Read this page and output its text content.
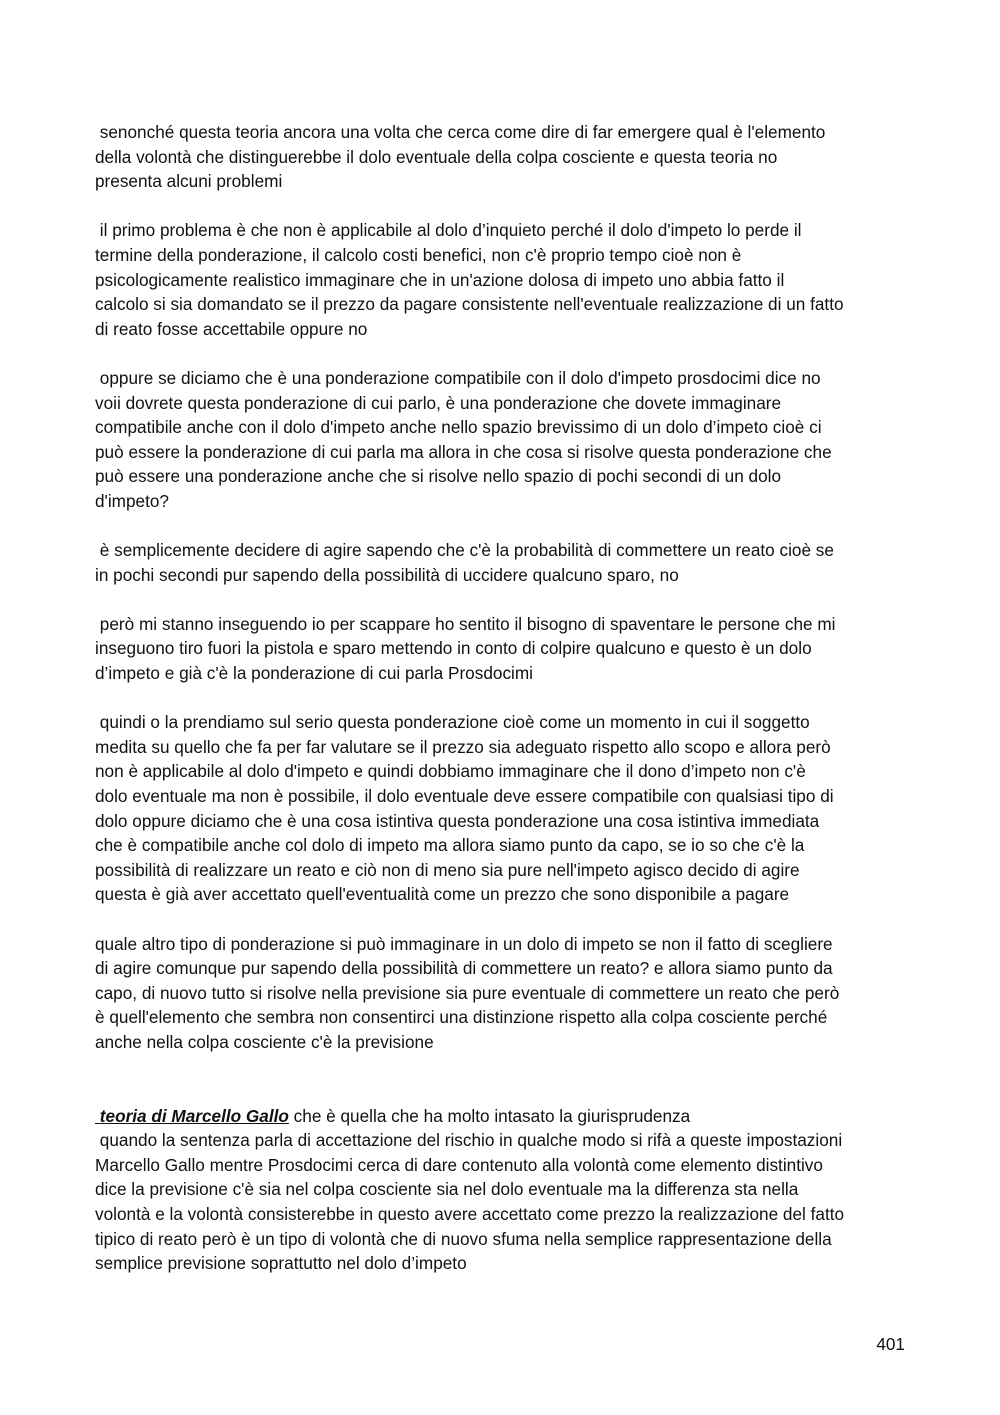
senonché questa teoria ancora una volta che cerca come dire di far emergere qual è l'elemento
della volontà che distinguerebbe il dolo eventuale della colpa cosciente e questa teoria no
presenta alcuni problemi

il primo problema è che non è applicabile al dolo d’inquieto perché il dolo d'impeto lo perde il
termine della ponderazione, il calcolo costi benefici, non c'è proprio tempo cioè non è
psicologicamente realistico immaginare che in un'azione dolosa di impeto uno abbia fatto il
calcolo si sia domandato se il prezzo da pagare consistente nell'eventuale realizzazione di un fatto
di reato fosse accettabile oppure no

oppure se diciamo che è una ponderazione compatibile con il dolo d'impeto prosdocimi dice no
voii dovrete questa ponderazione di cui parlo, è una ponderazione che dovete immaginare
compatibile anche con il dolo d'impeto anche nello spazio brevissimo di un dolo d’impeto cioè ci
può essere la ponderazione di cui parla ma allora in che cosa si risolve questa ponderazione che
può essere una ponderazione anche che si risolve nello spazio di pochi secondi di un dolo
d'impeto?

è semplicemente decidere di agire sapendo che c'è la probabilità di commettere un reato cioè se
in pochi secondi pur sapendo della possibilità di uccidere qualcuno sparo, no

però mi stanno inseguendo io per scappare ho sentito il bisogno di spaventare le persone che mi
inseguono tiro fuori la pistola e sparo mettendo in conto di colpire qualcuno e questo è un dolo
d’impeto e già c'è la ponderazione di cui parla Prosdocimi

quindi o la prendiamo sul serio questa ponderazione cioè come un momento in cui il soggetto
medita su quello che fa per far valutare se il prezzo sia adeguato rispetto allo scopo e allora però
non è applicabile al dolo d'impeto e quindi dobbiamo immaginare che il dono d’impeto non c'è
dolo eventuale ma non è possibile, il dolo eventuale deve essere compatibile con qualsiasi tipo di
dolo oppure diciamo che è una cosa istintiva questa ponderazione una cosa istintiva immediata
che è compatibile anche col dolo di impeto ma allora siamo punto da capo, se io so che c'è la
possibilità di realizzare un reato e ciò non di meno sia pure nell'impeto agisco decido di agire
questa è già aver accettato quell'eventualità come un prezzo che sono disponibile a pagare

quale altro tipo di ponderazione si può immaginare in un dolo di impeto se non il fatto di scegliere
di agire comunque pur sapendo della possibilità di commettere un reato? e allora siamo punto da
capo, di nuovo tutto si risolve nella previsione sia pure eventuale di commettere un reato che però
è quell'elemento che sembra non consentirci una distinzione rispetto alla colpa cosciente perché
anche nella colpa cosciente c'è la previsione

teoria di Marcello Gallo che è quella che ha molto intasato la giurisprudenza

quando la sentenza parla di accettazione del rischio in qualche modo si rifà a queste impostazioni
Marcello Gallo mentre Prosdocimi cerca di dare contenuto alla volontà come elemento distintivo
dice la previsione c'è sia nel colpa cosciente sia nel dolo eventuale ma la differenza sta nella
volontà e la volontà consisterebbe in questo avere accettato come prezzo la realizzazione del fatto
tipico di reato però è un tipo di volontà che di nuovo sfuma nella semplice rappresentazione della
semplice previsione soprattutto nel dolo d’impeto

401
